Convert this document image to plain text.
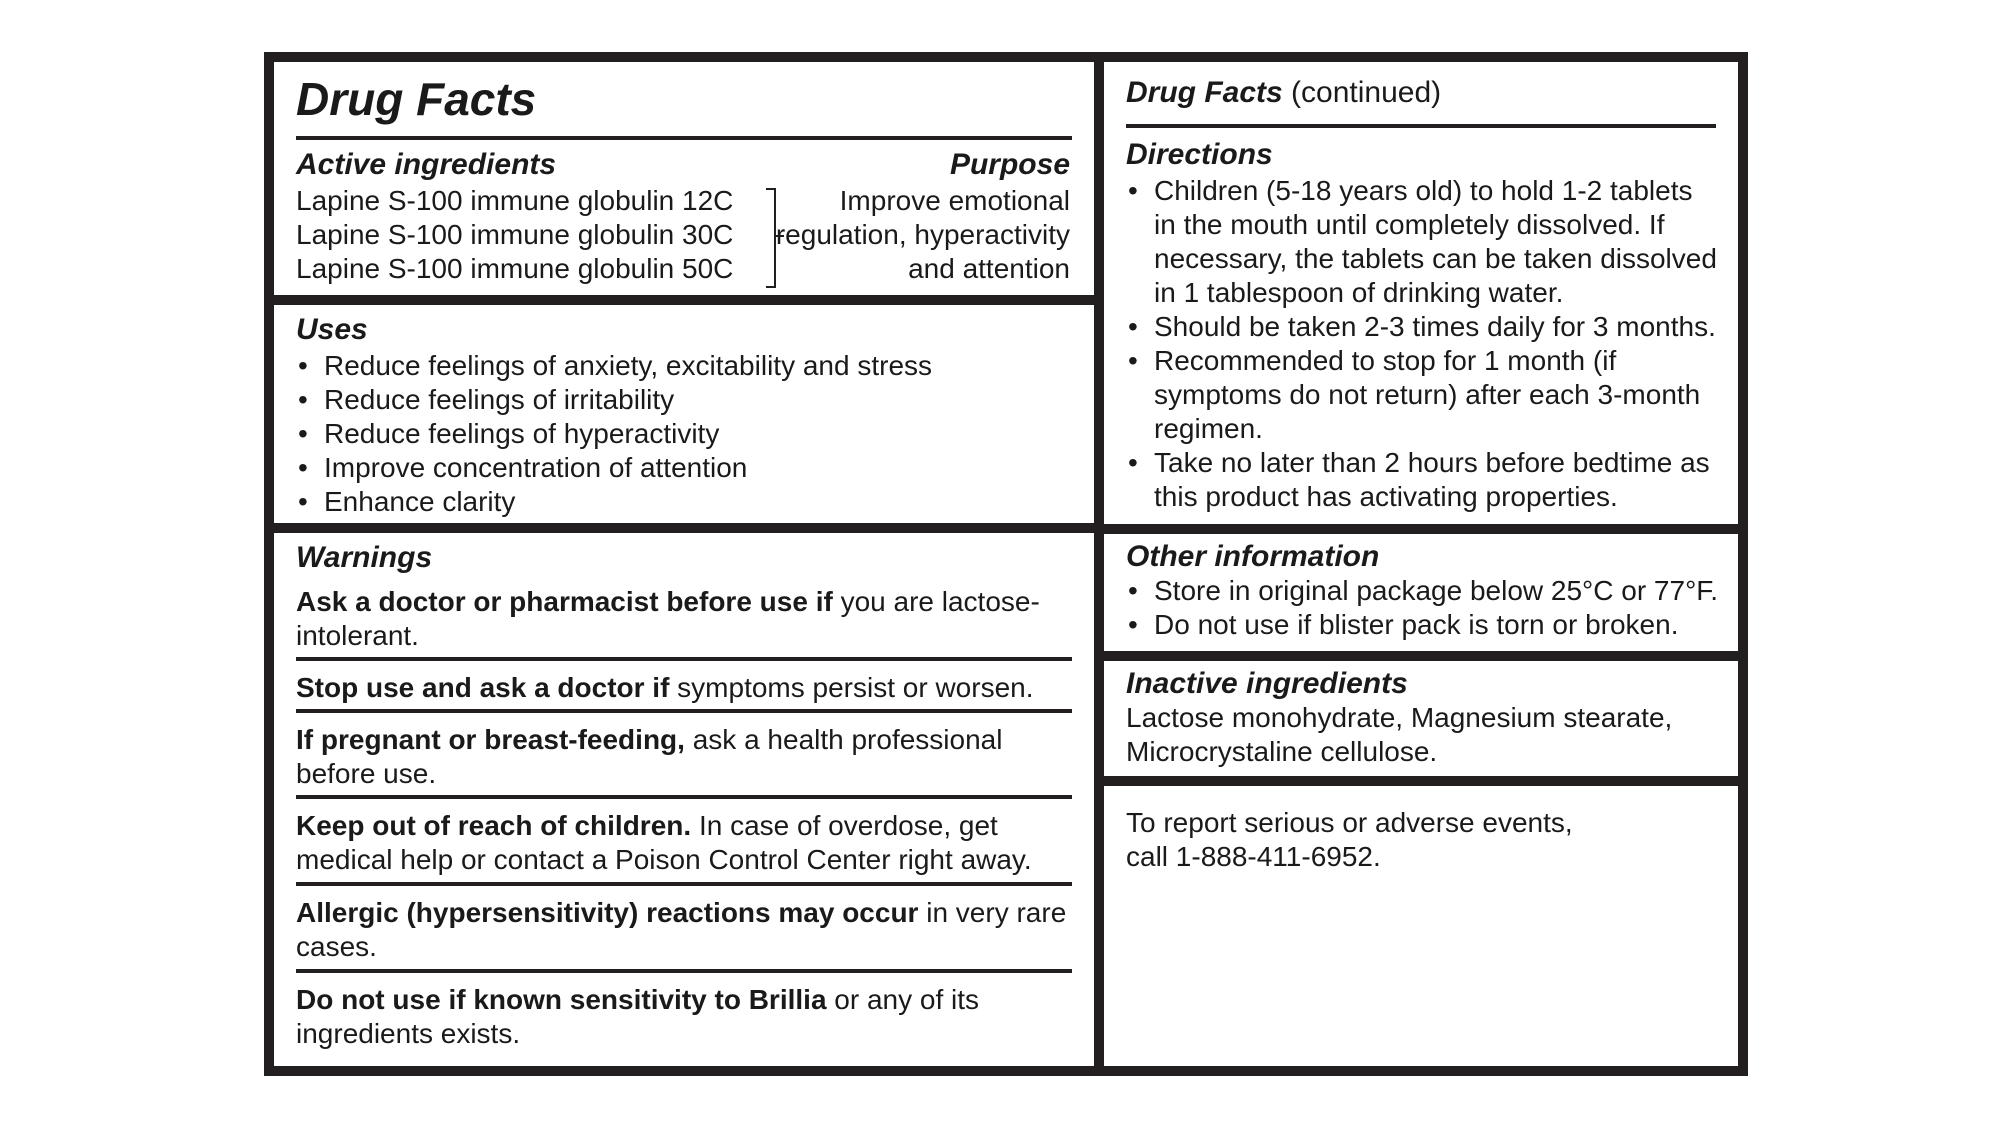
Drug Facts
Active ingredients	Purpose
Lapine S-100 immune globulin 12C
Lapine S-100 immune globulin 30C
Lapine S-100 immune globulin 50C
Improve emotional
regulation, hyperactivity
and attention
Uses
• Reduce feelings of anxiety, excitability and stress
• Reduce feelings of irritability
• Reduce feelings of hyperactivity
• Improve concentration of attention
• Enhance clarity
Warnings
Ask a doctor or pharmacist before use if you are lactose-intolerant.
Stop use and ask a doctor if symptoms persist or worsen.
If pregnant or breast-feeding, ask a health professional before use.
Keep out of reach of children. In case of overdose, get medical help or contact a Poison Control Center right away.
Allergic (hypersensitivity) reactions may occur in very rare cases.
Do not use if known sensitivity to Brillia or any of its ingredients exists.
Drug Facts (continued)
Directions
• Children (5-18 years old) to hold 1-2 tablets in the mouth until completely dissolved. If necessary, the tablets can be taken dissolved in 1 tablespoon of drinking water.
• Should be taken 2-3 times daily for 3 months.
• Recommended to stop for 1 month (if symptoms do not return) after each 3-month regimen.
• Take no later than 2 hours before bedtime as this product has activating properties.
Other information
• Store in original package below 25°C or 77°F.
• Do not use if blister pack is torn or broken.
Inactive ingredients
Lactose monohydrate, Magnesium stearate, Microcrystaline cellulose.
To report serious or adverse events, call 1-888-411-6952.
